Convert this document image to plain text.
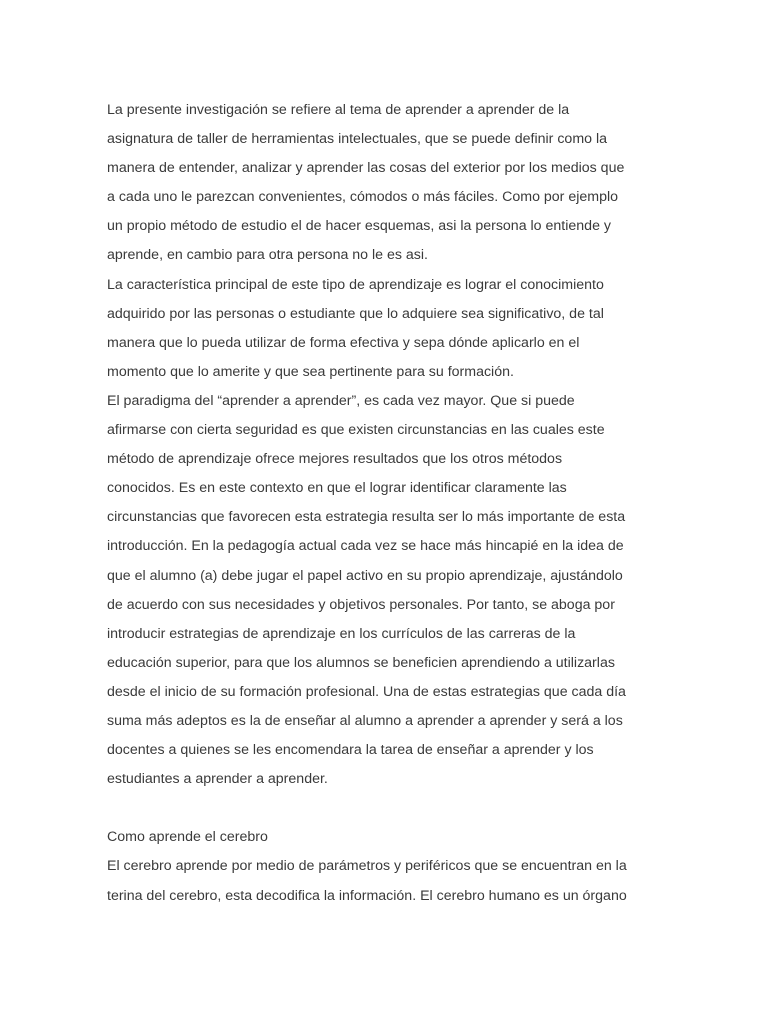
La presente investigación se refiere al tema de aprender a aprender de la
asignatura de taller de herramientas intelectuales, que se puede definir como la
manera de entender, analizar y aprender las cosas del exterior por los medios que
a cada uno le parezcan convenientes, cómodos o más fáciles. Como por ejemplo
un propio método de estudio el de hacer esquemas, asi la persona lo entiende y
aprende, en cambio para otra persona no le es asi.
La característica principal de este tipo de aprendizaje es lograr el conocimiento
adquirido por las personas o estudiante que lo adquiere sea significativo, de tal
manera que lo pueda utilizar de forma efectiva y sepa dónde aplicarlo en el
momento que lo amerite y que sea pertinente para su formación.
El paradigma del “aprender a aprender”, es cada vez mayor. Que si puede
afirmarse con cierta seguridad es que existen circunstancias en las cuales este
método de aprendizaje ofrece mejores resultados que los otros métodos
conocidos. Es en este contexto en que el lograr identificar claramente las
circunstancias que favorecen esta estrategia resulta ser lo más importante de esta
introducción. En la pedagogía actual cada vez se hace más hincapié en la idea de
que el alumno (a) debe jugar el papel activo en su propio aprendizaje, ajustándolo
de acuerdo con sus necesidades y objetivos personales. Por tanto, se aboga por
introducir estrategias de aprendizaje en los currículos de las carreras de la
educación superior, para que los alumnos se beneficien aprendiendo a utilizarlas
desde el inicio de su formación profesional. Una de estas estrategias que cada día
suma más adeptos es la de enseñar al alumno a aprender a aprender y será a los
docentes a quienes se les encomendara la tarea de enseñar a aprender y los
estudiantes a aprender a aprender.
Como aprende el cerebro
El cerebro aprende por medio de parámetros y periféricos que se encuentran en la
terina del cerebro, esta decodifica la información. El cerebro humano es un órgano
